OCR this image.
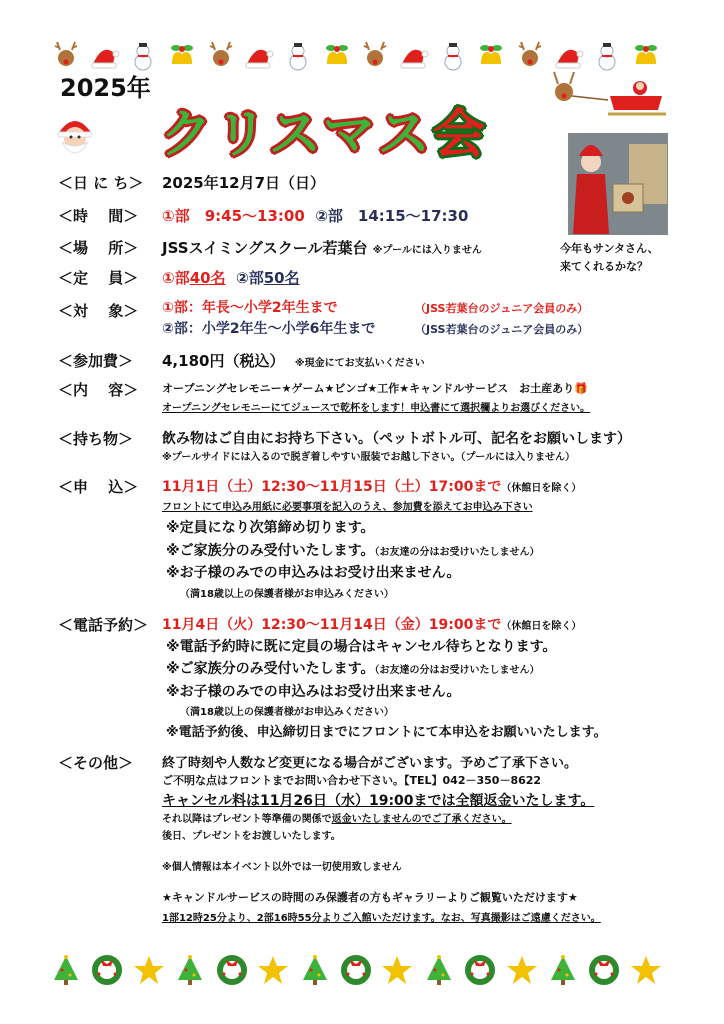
2025年
クリスマス会
今年もサンタさん、
来てくれるかな？
＜日 に ち＞ 2025年12月7日（日）
＜時　 間＞ ①部　9:45～13:00 ②部　14:15～17:30
＜場　 所＞ JSSスイミングスクール若葉台 ※プールには入りません
＜定　 員＞ ①部40名 ②部50名
＜対　 象＞ ①部：年長～小学2年生まで	（JSS若葉台のジュニア会員のみ）
②部：小学2年生～小学6年生まで	（JSS若葉台のジュニア会員のみ）
＜参加費＞ 4,180円（税込） ※現金にてお支払いください
＜内　 容＞ オープニングセレモニー★ゲーム★ビンゴ★工作★キャンドルサービス　お土産あり🎁
オープニングセレモニーにてジュースで乾杯をします！申込書にて選択欄よりお選びください。
＜持ち物＞ 飲み物はご自由にお持ち下さい。（ペットボトル可、記名をお願いします）
※プールサイドには入るので脱ぎ着しやすい服装でお越し下さい。（プールには入りません）
＜申　 込＞ 11月1日（土）12:30～11月15日（土）17:00まで（休館日を除く）
フロントにて申込み用紙に必要事項を記入のうえ、参加費を添えてお申込み下さい
※定員になり次第締め切ります。
※ご家族分のみ受付いたします。（お友達の分はお受けいたしません）
※お子様のみでの申込みはお受け出来ません。
（満18歳以上の保護者様がお申込みください）
＜電話予約＞ 11月4日（火）12:30～11月14日（金）19:00まで（休館日を除く）
※電話予約時に既に定員の場合はキャンセル待ちとなります。
※ご家族分のみ受付いたします。（お友達の分はお受けいたしません）
※お子様のみでの申込みはお受け出来ません。
（満18歳以上の保護者様がお申込みください）
※電話予約後、申込締切日までにフロントにて本申込をお願いいたします。
＜その他＞ 終了時刻や人数など変更になる場合がございます。予めご了承下さい。
ご不明な点はフロントまでお問い合わせ下さい。【TEL】042－350－8622
キャンセル料は11月26日（水）19:00までは全額返金いたします。
それ以降はプレゼント等準備の関係で返金いたしませんのでご了承ください。
後日、プレゼントをお渡しいたします。
※個人情報は本イベント以外では一切使用致しません
★キャンドルサービスの時間のみ保護者の方もギャラリーよりご観覧いただけます★
1部12時25分より、2部16時55分よりご入館いただけます。なお、写真撮影はご遠慮ください。
